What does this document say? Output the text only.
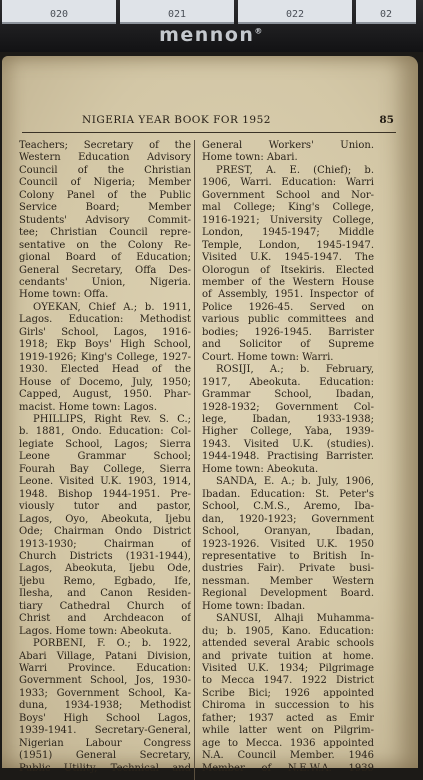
020	021	022	02
mennon®
NIGERIA YEAR BOOK FOR 1952	85
Teachers; Secretary of the
Western Education Advisory
Council of the Christian
Council of Nigeria; Member
Colony Panel of the Public
Service Board; Member
Students' Advisory Commit-
tee; Christian Council repre-
sentative on the Colony Re-
gional Board of Education;
General Secretary, Offa Des-
cendants' Union, Nigeria.
Home town: Offa.
OYEKAN, Chief A.; b. 1911,
Lagos. Education: Methodist
Girls' School, Lagos, 1916-
1918; Ekp Boys' High School,
1919-1926; King's College, 1927-
1930. Elected Head of the
House of Docemo, July, 1950;
Capped, August, 1950. Phar-
macist. Home town: Lagos.
PHILLIPS, Right Rev. S. C.;
b. 1881, Ondo. Education: Col-
legiate School, Lagos; Sierra
Leone Grammar School;
Fourah Bay College, Sierra
Leone. Visited U.K. 1903, 1914,
1948. Bishop 1944-1951. Pre-
viously tutor and pastor,
Lagos, Oyo, Abeokuta, Ijebu
Ode; Chairman Ondo District
1913-1930; Chairman of
Church Districts (1931-1944),
Lagos, Abeokuta, Ijebu Ode,
Ijebu Remo, Egbado, Ife,
Ilesha, and Canon Residen-
tiary Cathedral Church of
Christ and Archdeacon of
Lagos. Home town: Abeokuta.
PORBENI, F. O.; b. 1922,
Abari Village, Patani Division,
Warri Province. Education:
Government School, Jos, 1930-
1933; Government School, Ka-
duna, 1934-1938; Methodist
Boys' High School Lagos,
1939-1941. Secretary-General,
Nigerian Labour Congress
(1951) General Secretary,
Public Utility, Technical and
General Workers' Union.
Home town: Abari.
PREST, A. E. (Chief); b.
1906, Warri. Education: Warri
Government School and Nor-
mal College; King's College,
1916-1921; University College,
London, 1945-1947; Middle
Temple, London, 1945-1947.
Visited U.K. 1945-1947. The
Olorogun of Itsekiris. Elected
member of the Western House
of Assembly, 1951. Inspector of
Police 1926-45. Served on
various public committees and
bodies; 1926-1945. Barrister
and Solicitor of Supreme
Court. Home town: Warri.
ROSIJI, A.; b. February,
1917, Abeokuta. Education:
Grammar School, Ibadan,
1928-1932; Government Col-
lege, Ibadan, 1933-1938;
Higher College, Yaba, 1939-
1943. Visited U.K. (studies).
1944-1948. Practising Barrister.
Home town: Abeokuta.
SANDA, E. A.; b. July, 1906,
Ibadan. Education: St. Peter's
School, C.M.S., Aremo, Iba-
dan, 1920-1923; Government
School, Oranyan, Ibadan,
1923-1926. Visited U.K. 1950
representative to British In-
dustries Fair). Private busi-
nessman. Member Western
Regional Development Board.
Home town: Ibadan.
SANUSI, Alhaji Muhamma-
du; b. 1905, Kano. Education:
attended several Arabic schools
and private tuition at home.
Visited U.K. 1934; Pilgrimage
to Mecca 1947. 1922 District
Scribe Bici; 1926 appointed
Chiroma in succession to his
father; 1937 acted as Emir
while latter went on Pilgrim-
age to Mecca. 1936 appointed
N.A. Council Member. 1946
Member of N.E.W.A. 1939
